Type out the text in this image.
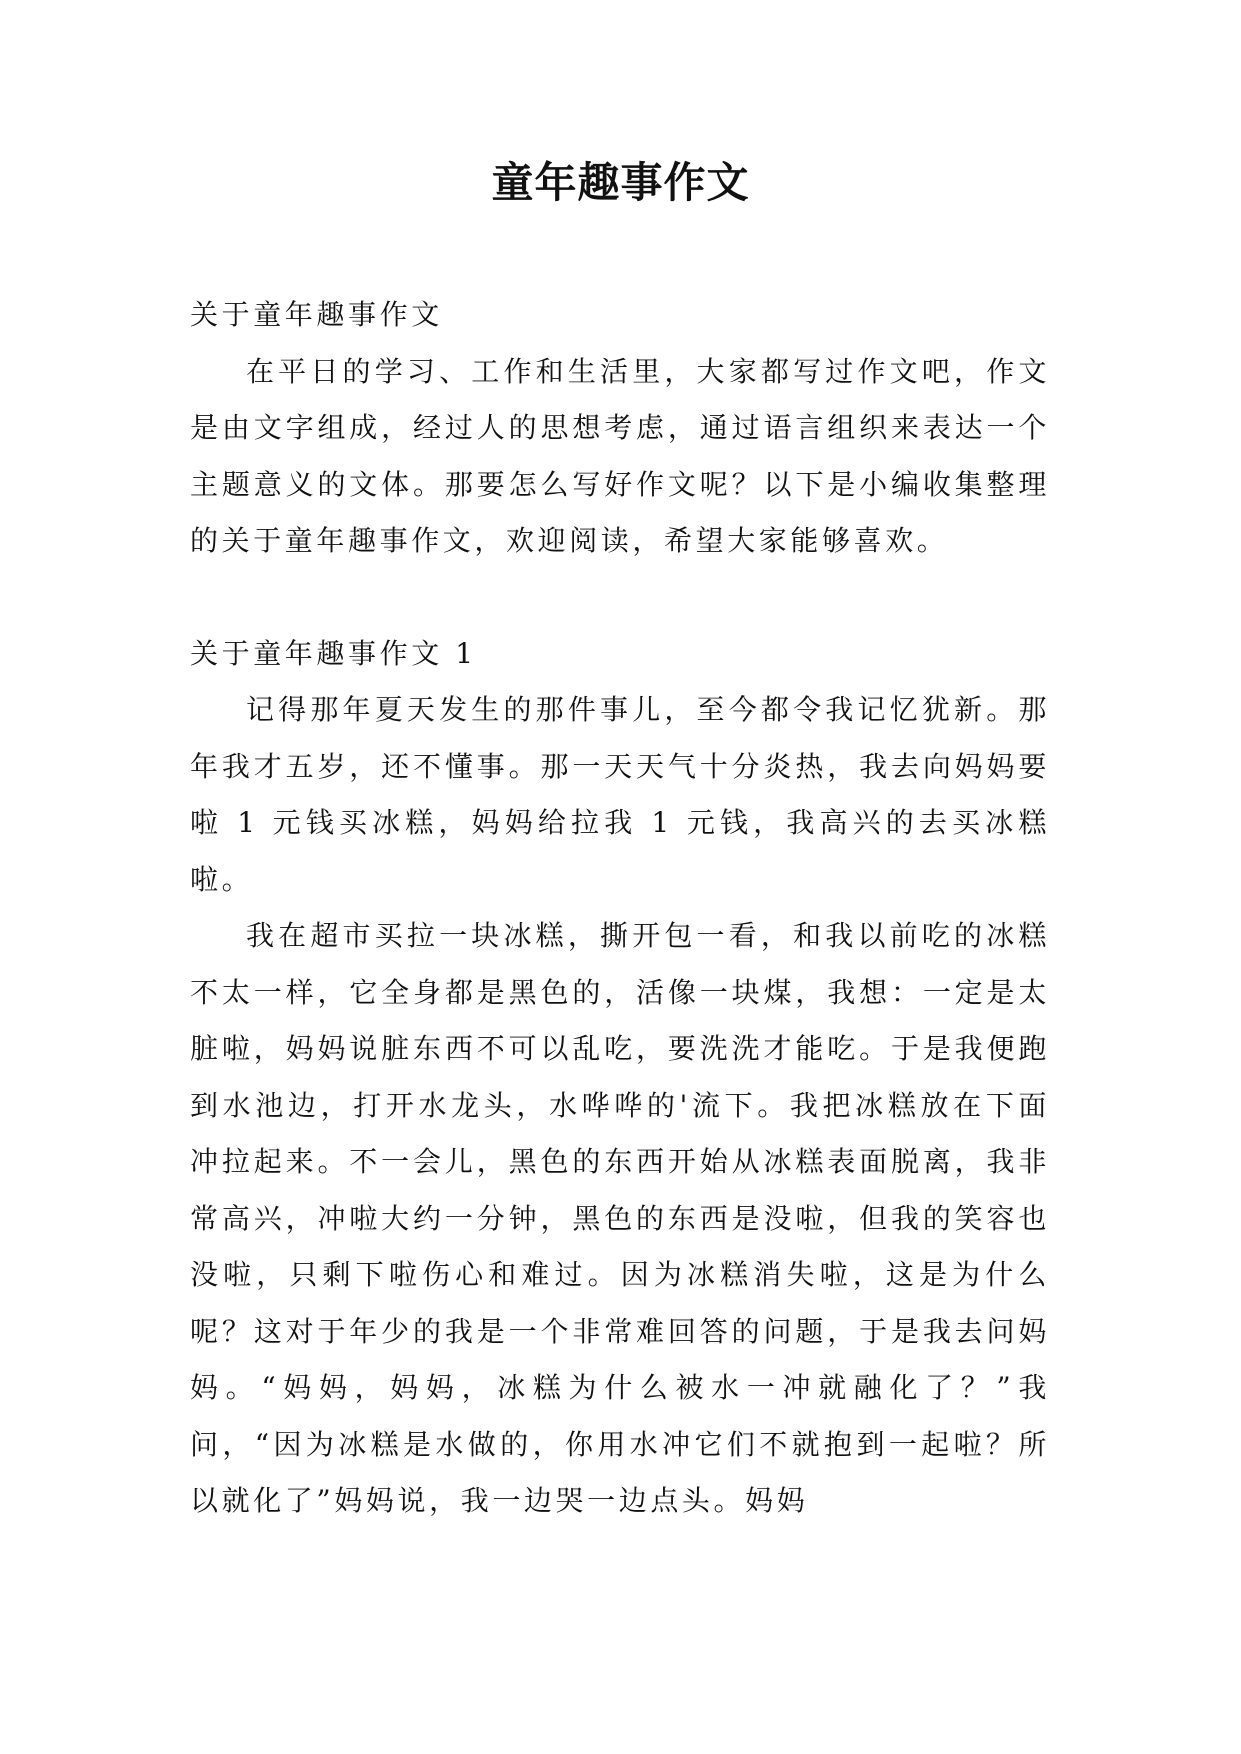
童年趣事作文

关于童年趣事作文

在平日的学习、工作和生活里，大家都写过作文吧，作文是由文字组成，经过人的思想考虑，通过语言组织来表达一个主题意义的文体。那要怎么写好作文呢？以下是小编收集整理的关于童年趣事作文，欢迎阅读，希望大家能够喜欢。

关于童年趣事作文 1

记得那年夏天发生的那件事儿，至今都令我记忆犹新。那年我才五岁，还不懂事。那一天天气十分炎热，我去向妈妈要啦 1 元钱买冰糕，妈妈给拉我 1 元钱，我高兴的去买冰糕啦。

我在超市买拉一块冰糕，撕开包一看，和我以前吃的冰糕不太一样，它全身都是黑色的，活像一块煤，我想：一定是太脏啦，妈妈说脏东西不可以乱吃，要洗洗才能吃。于是我便跑到水池边，打开水龙头，水哗哗的'流下。我把冰糕放在下面冲拉起来。不一会儿，黑色的东西开始从冰糕表面脱离，我非常高兴，冲啦大约一分钟，黑色的东西是没啦，但我的笑容也没啦，只剩下啦伤心和难过。因为冰糕消失啦，这是为什么呢？这对于年少的我是一个非常难回答的问题，于是我去问妈妈。“妈妈，妈妈，冰糕为什么被水一冲就融化了？”我问，“因为冰糕是水做的，你用水冲它们不就抱到一起啦？所以就化了”妈妈说，我一边哭一边点头。妈妈
